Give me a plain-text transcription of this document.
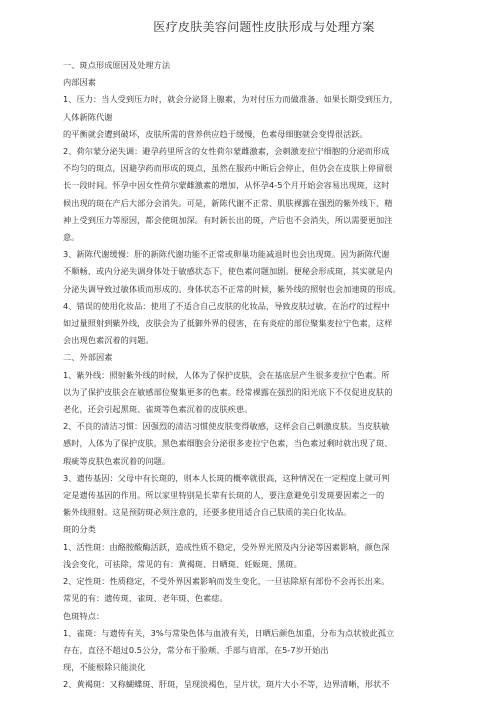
医疗皮肤美容问题性皮肤形成与处理方案
一、斑点形成原因及处理方法
内部因素
1、压力：当人受到压力时，就会分泌肾上腺素，为对付压力而做准备。如果长期受到压力，
人体新陈代谢
的平衡就会遭到破坏，皮肤所需的营养供应趋于缓慢，色素母细胞就会变得很活跃。
2、荷尔蒙分泌失调：避孕药里所含的女性荷尔蒙雌激素，会刺激麦拉宁细胞的分泌而形成
不均匀的斑点，因避孕药而形成的斑点，虽然在服药中断后会停止，但仍会在皮肤上停留很
长一段时间。怀孕中因女性荷尔蒙雌激素的增加，从怀孕4-5个月开始会容易出现斑，这时
候出现的斑在产后大部分会消失。可是，新陈代谢不正常、肌肤裸露在强烈的紫外线下、精
神上受到压力等原因，都会使斑加深。有时新长出的斑，产后也不会消失，所以需要更加注
意。
3、新陈代谢缓慢：肝的新陈代谢功能不正常或卵巢功能减退时也会出现斑。因为新陈代谢
不顺畅、或内分泌失调身体处于敏感状态下，使色素问题加剧。便秘会形成斑，其实就是内
分泌失调导致过敏体质而形成的。身体状态不正常的时候，紫外线的照射也会加速斑的形成。
4、错误的使用化妆品：使用了不适合自己皮肤的化妆品，导致皮肤过敏，在治疗的过程中
如过量照射到紫外线，皮肤会为了抵御外界的侵害，在有炎症的部位聚集麦拉宁色素，这样
会出现色素沉着的问题。
二、外部因素
1、紫外线：照射紫外线的时候，人体为了保护皮肤，会在基底层产生很多麦拉宁色素。所
以为了保护皮肤会在敏感部位聚集更多的色素。经常裸露在强烈的阳光底下不仅促进皮肤的
老化，还会引起黑斑、雀斑等色素沉着的皮肤疾患。
2、不良的清洁习惯：因强烈的清洁习惯使皮肤变得敏感，这样会自己刺激皮肤。当皮肤敏
感时，人体为了保护皮肤，黑色素细胞会分泌很多麦拉宁色素，当色素过剩时就出现了斑、
瑕疵等皮肤色素沉着的问题。
3、遗传基因：父母中有长斑的，则本人长斑的概率就很高，这种情况在一定程度上就可判
定是遗传基因的作用。所以家里特别是长辈有长斑的人，要注意避免引发斑要因素之一的
紫外线照射。这是预防斑必须注意的，还要多使用适合自己肤质的美白化妆品。
斑的分类
1、活性斑：由酪胺酸酶活跃，造成性质不稳定，受外界光照及内分泌等因素影响，颜色深
浅会变化，可祛除，常见的有：黄褐斑、日晒斑、妊娠斑、黑斑。
2、定性斑：性质稳定，不受外界因素影响而发生变化，一旦祛除原有部份不会再长出来。
常见的有：遗传斑、雀斑、老年斑、色素痣。
色斑特点：
1、雀斑：与遗传有关，3%与常染色体与血液有关，日晒后颜色加重，分布为点状彼此孤立
存在，直径不超过0.5公分，常分布于脸颊、手部与肩部，在5-7岁开始出
现，不能根除只能淡化
2、黄褐斑：又称蝴蝶斑、肝斑，呈现淡褐色，呈片状，斑片大小不等，边界清晰，形状不
